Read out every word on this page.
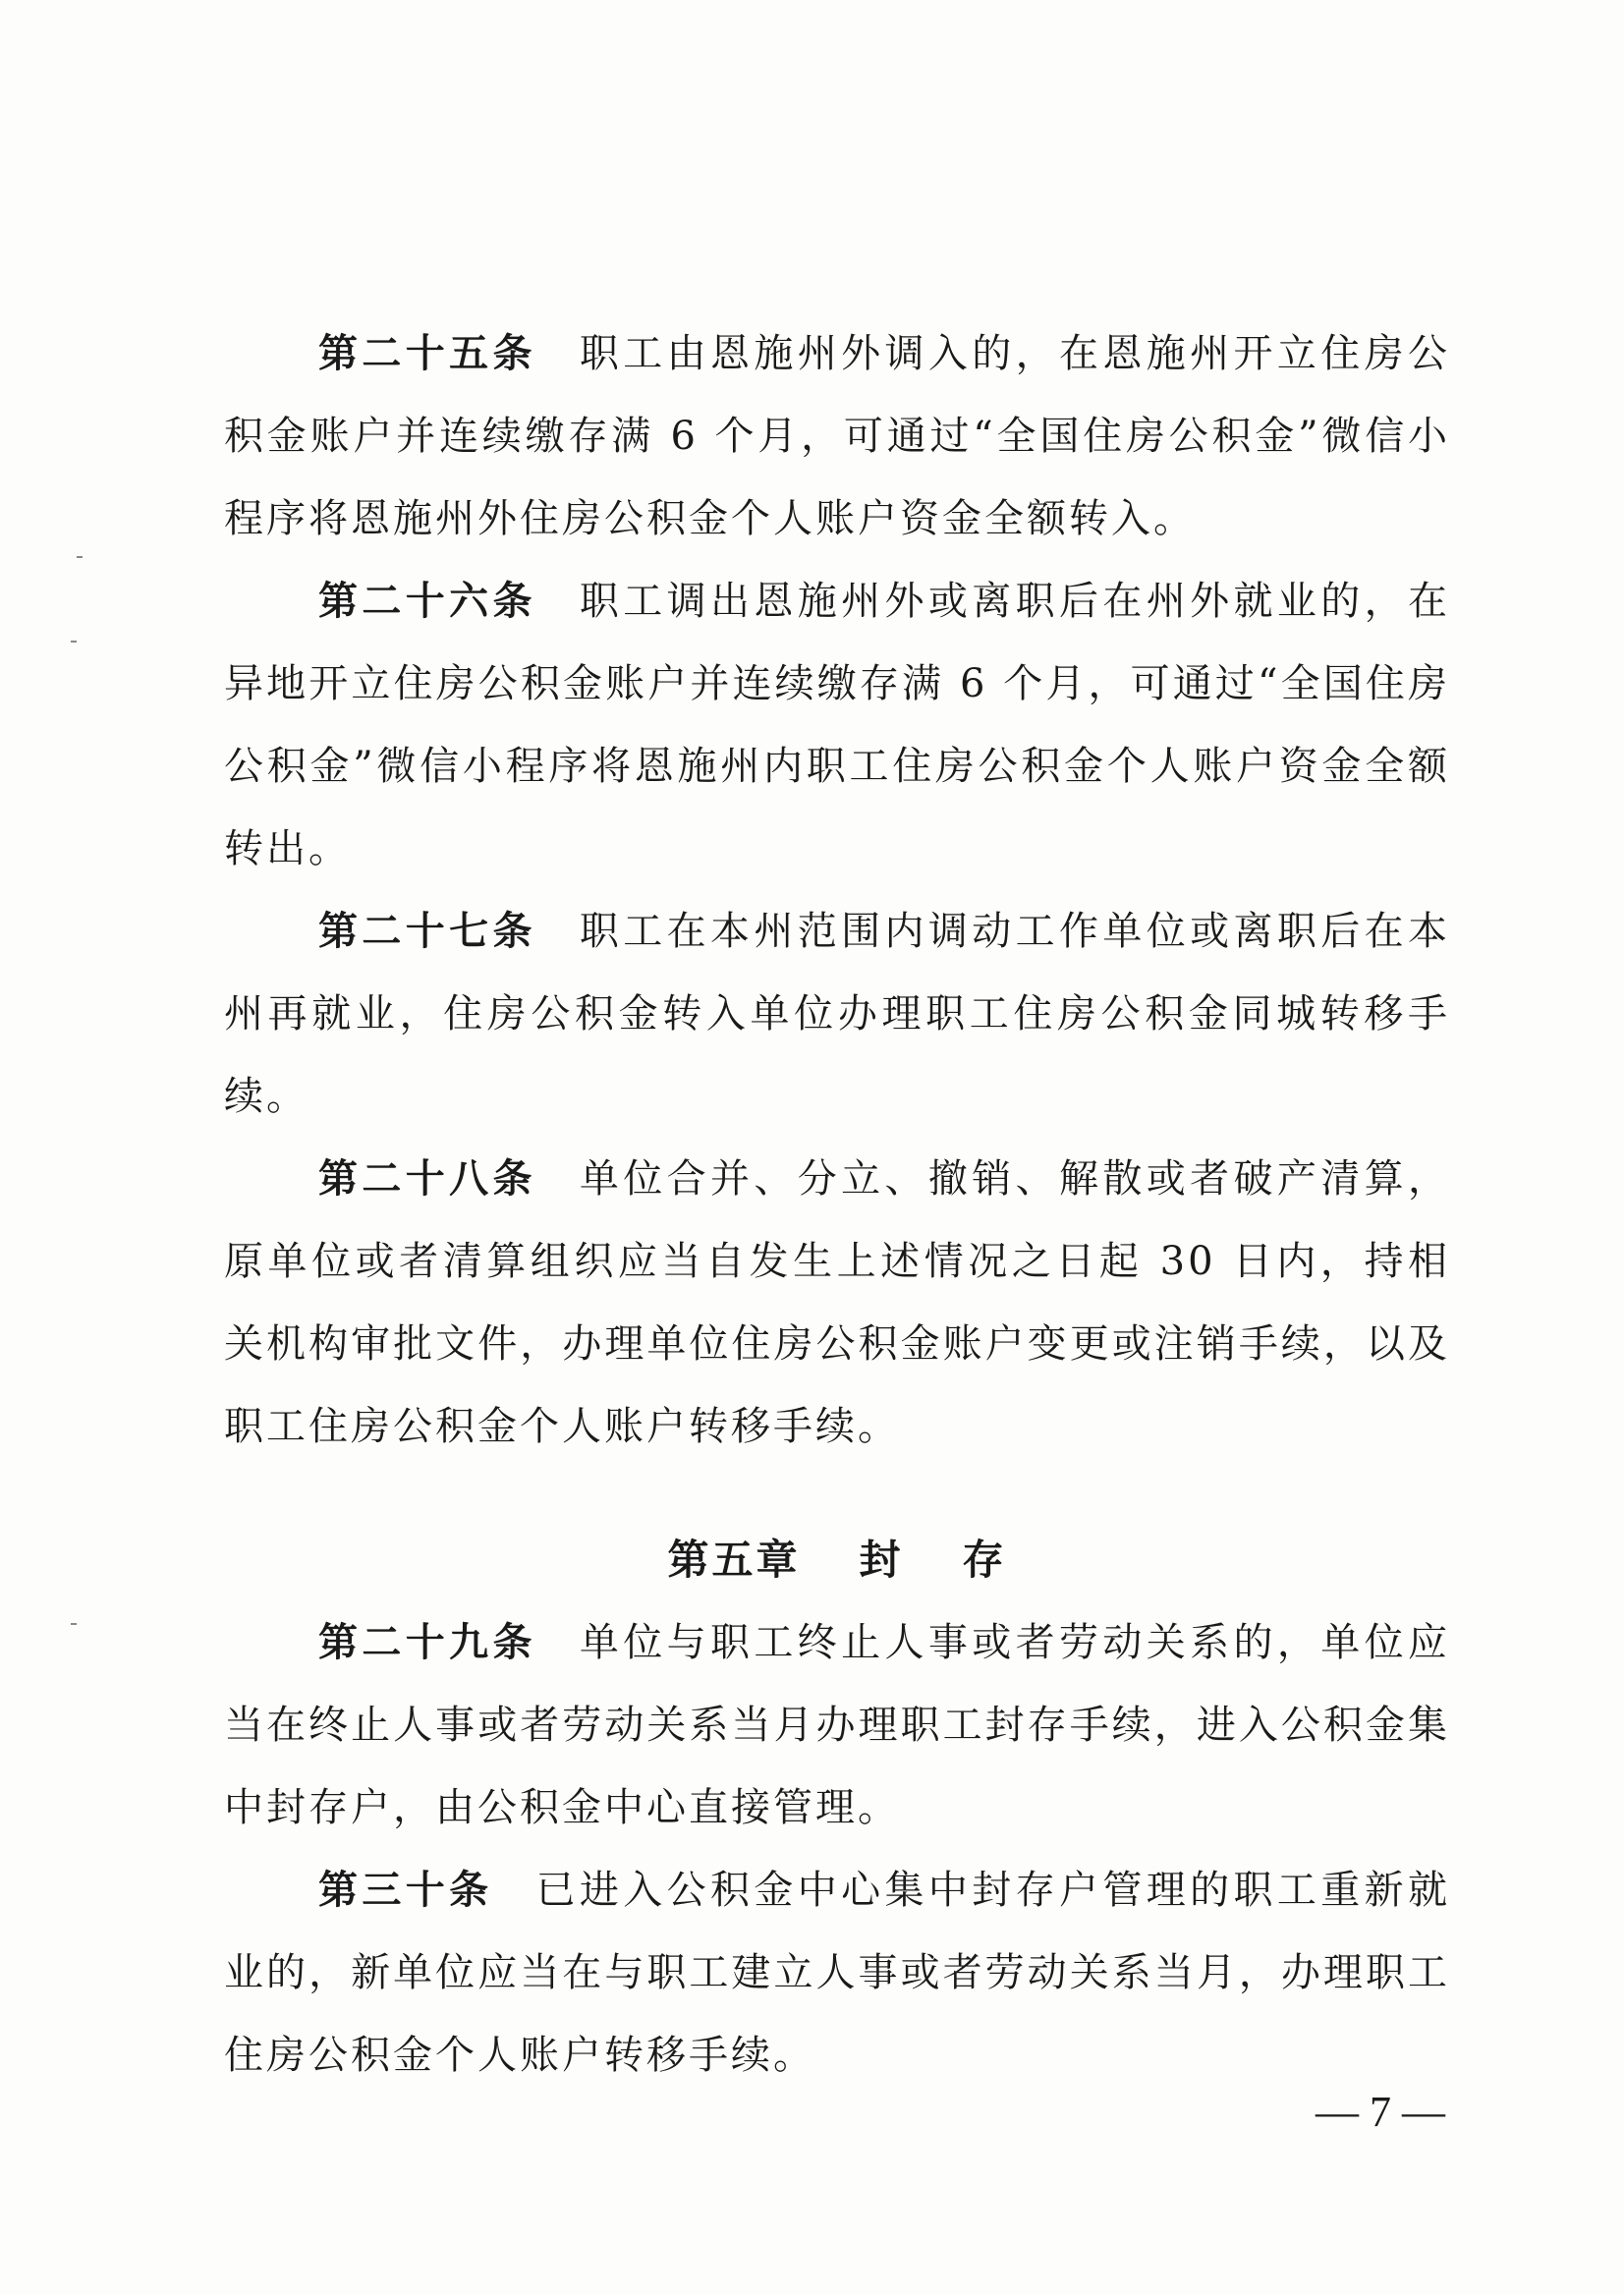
第二十五条 职工由恩施州外调入的，在恩施州开立住房公积金账户并连续缴存满 6 个月，可通过“全国住房公积金”微信小程序将恩施州外住房公积金个人账户资金全额转入。

第二十六条 职工调出恩施州外或离职后在州外就业的，在异地开立住房公积金账户并连续缴存满 6 个月，可通过“全国住房公积金”微信小程序将恩施州内职工住房公积金个人账户资金全额转出。

第二十七条 职工在本州范围内调动工作单位或离职后在本州再就业，住房公积金转入单位办理职工住房公积金同城转移手续。

第二十八条 单位合并、分立、撤销、解散或者破产清算，原单位或者清算组织应当自发生上述情况之日起 30 日内，持相关机构审批文件，办理单位住房公积金账户变更或注销手续，以及职工住房公积金个人账户转移手续。

第五章 封 存

第二十九条 单位与职工终止人事或者劳动关系的，单位应当在终止人事或者劳动关系当月办理职工封存手续，进入公积金集中封存户，由公积金中心直接管理。

第三十条 已进入公积金中心集中封存户管理的职工重新就业的，新单位应当在与职工建立人事或者劳动关系当月，办理职工住房公积金个人账户转移手续。

— 7 —
